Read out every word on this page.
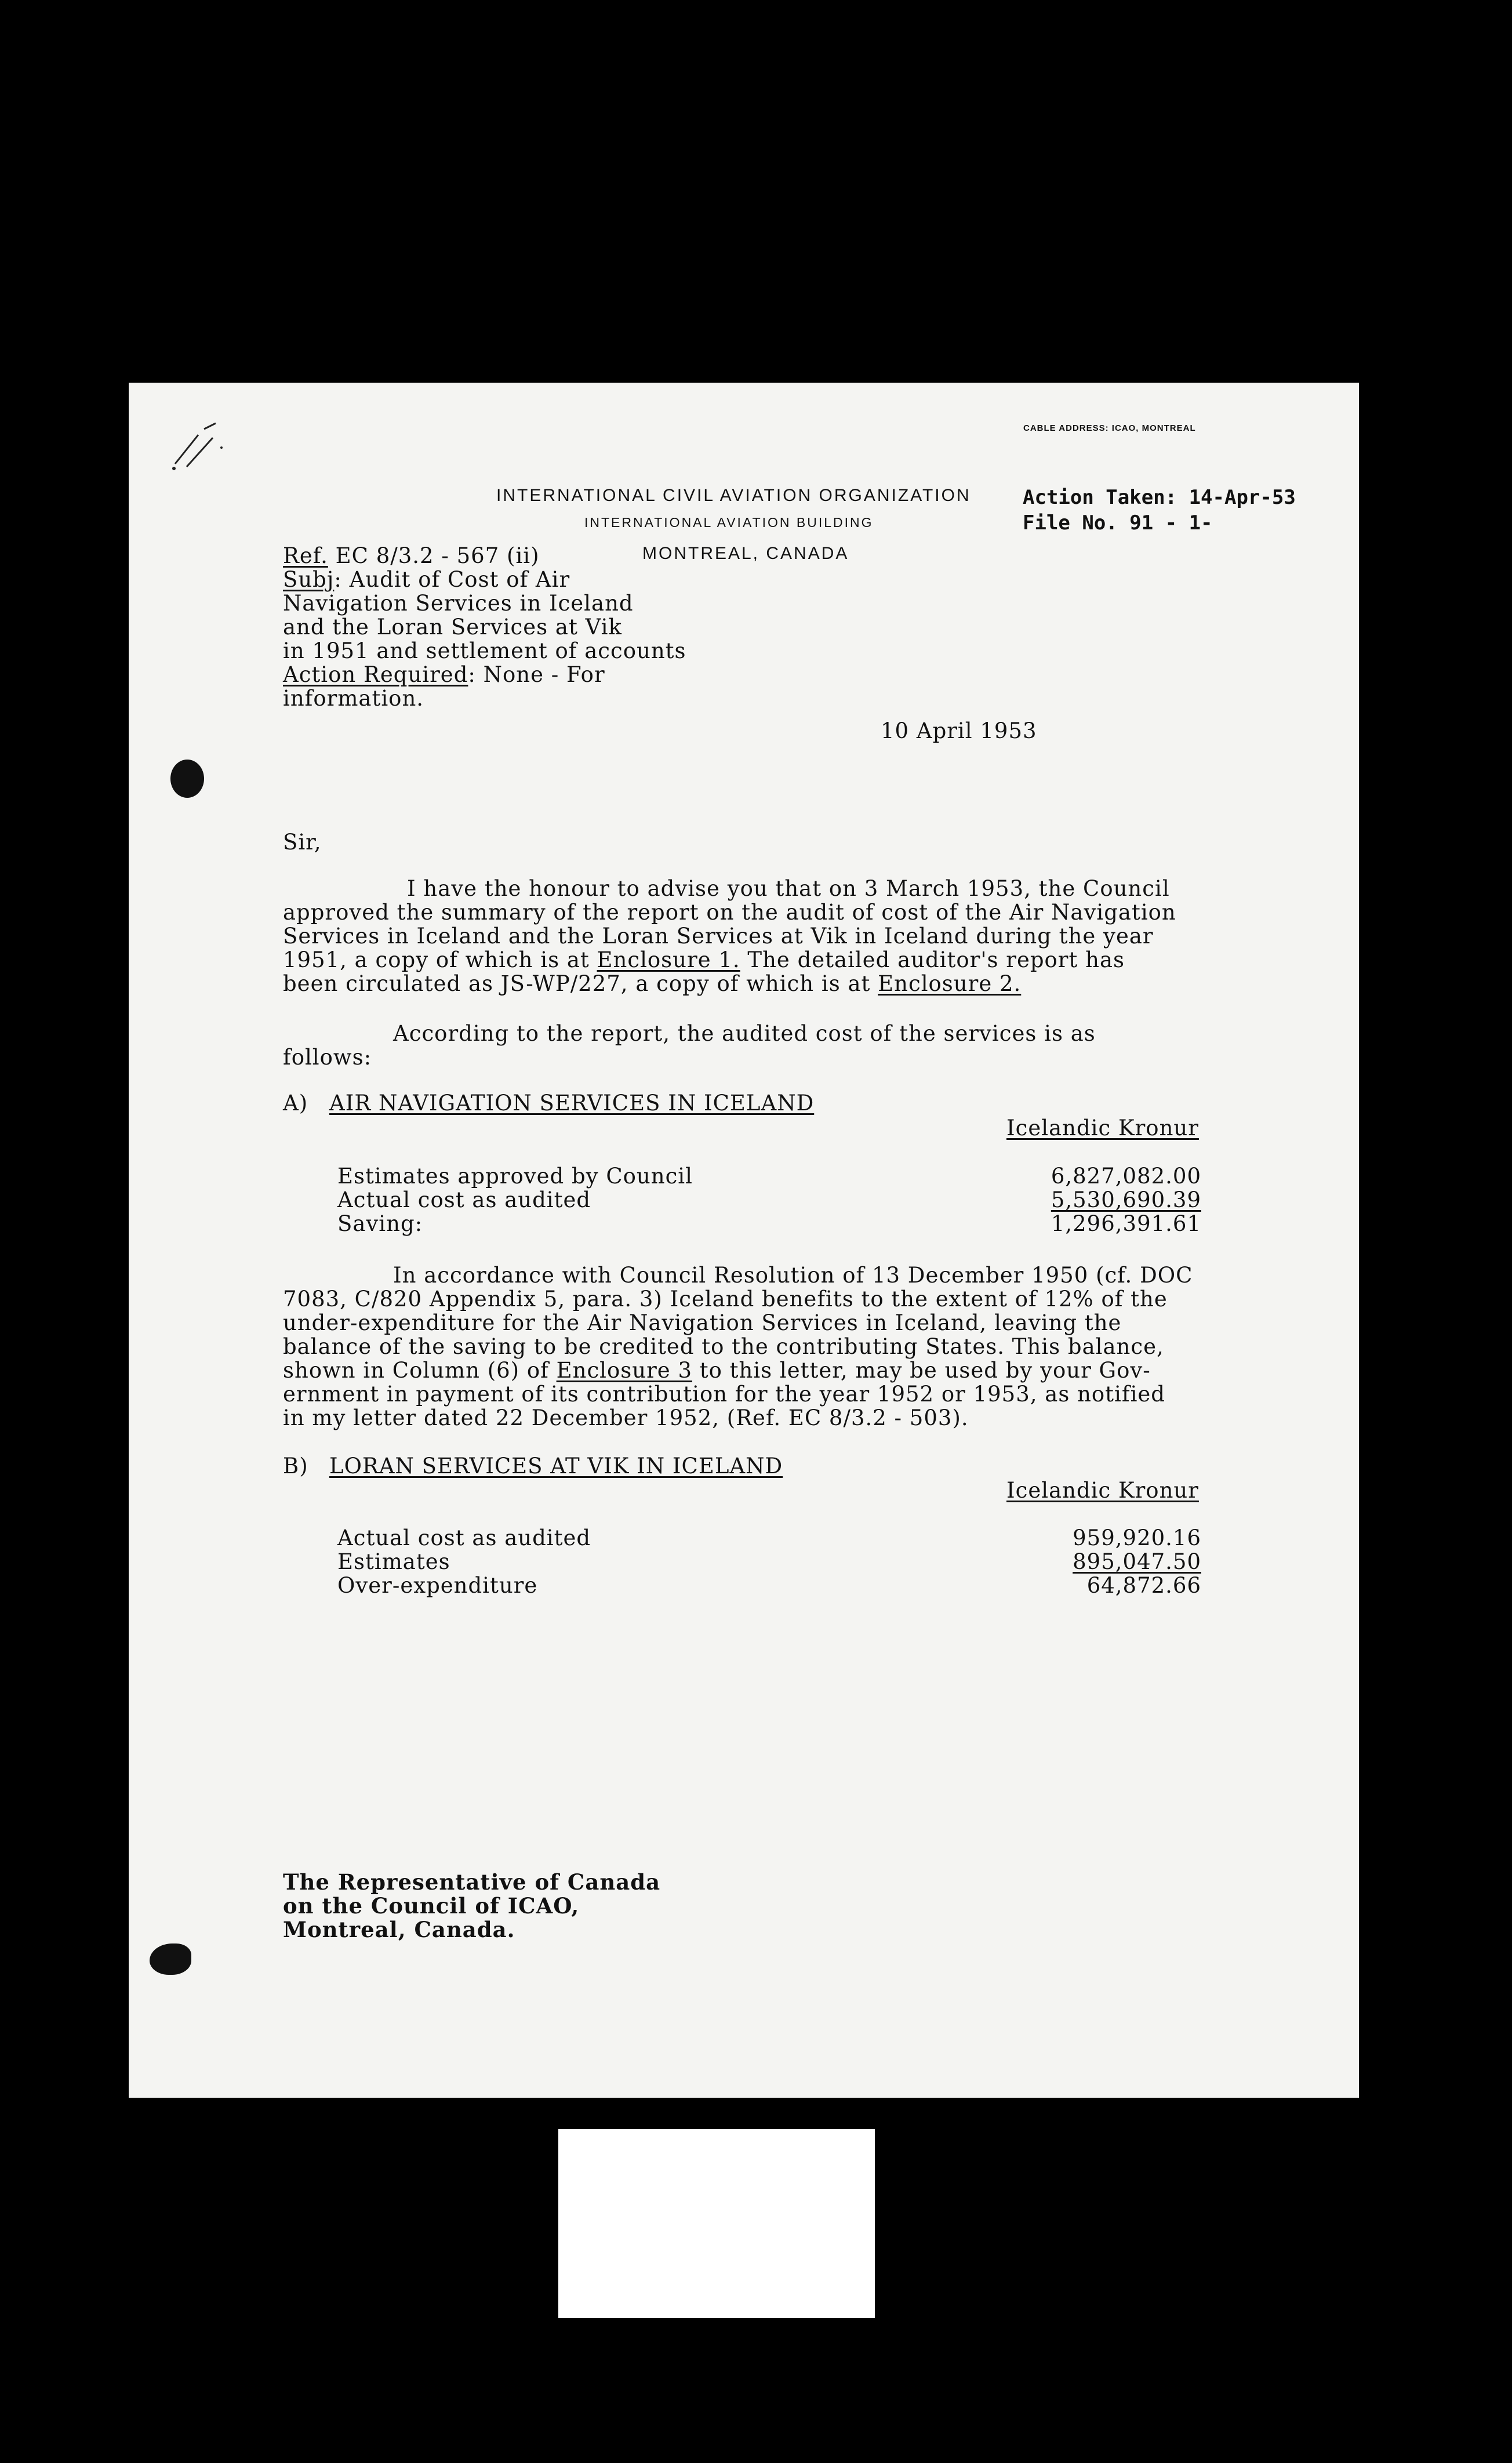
CABLE ADDRESS: ICAO, MONTREAL
INTERNATIONAL CIVIL AVIATION ORGANIZATION
INTERNATIONAL AVIATION BUILDING
MONTREAL, CANADA
Action Taken: 14-Apr-53
File No. 91 - 1-
Ref. EC 8/3.2 - 567 (ii)
Subj: Audit of Cost of Air
Navigation Services in Iceland
and the Loran Services at Vik
in 1951 and settlement of accounts
Action Required: None - For
information.
10 April 1953
Sir,
I have the honour to advise you that on 3 March 1953, the Council
approved the summary of the report on the audit of cost of the Air Navigation
Services in Iceland and the Loran Services at Vik in Iceland during the year
1951, a copy of which is at Enclosure 1. The detailed auditor's report has
been circulated as JS-WP/227, a copy of which is at Enclosure 2.
According to the report, the audited cost of the services is as
follows:
A) AIR NAVIGATION SERVICES IN ICELAND
Icelandic Kronur
Estimates approved by Council	6,827,082.00
Actual cost as audited	5,530,690.39
Saving:	1,296,391.61
In accordance with Council Resolution of 13 December 1950 (cf. DOC
7083, C/820 Appendix 5, para. 3) Iceland benefits to the extent of 12% of the
under-expenditure for the Air Navigation Services in Iceland, leaving the
balance of the saving to be credited to the contributing States. This balance,
shown in Column (6) of Enclosure 3 to this letter, may be used by your Gov-
ernment in payment of its contribution for the year 1952 or 1953, as notified
in my letter dated 22 December 1952, (Ref. EC 8/3.2 - 503).
B) LORAN SERVICES AT VIK IN ICELAND
Icelandic Kronur
Actual cost as audited	959,920.16
Estimates	895,047.50
Over-expenditure	64,872.66
The Representative of Canada
on the Council of ICAO,
Montreal, Canada.
